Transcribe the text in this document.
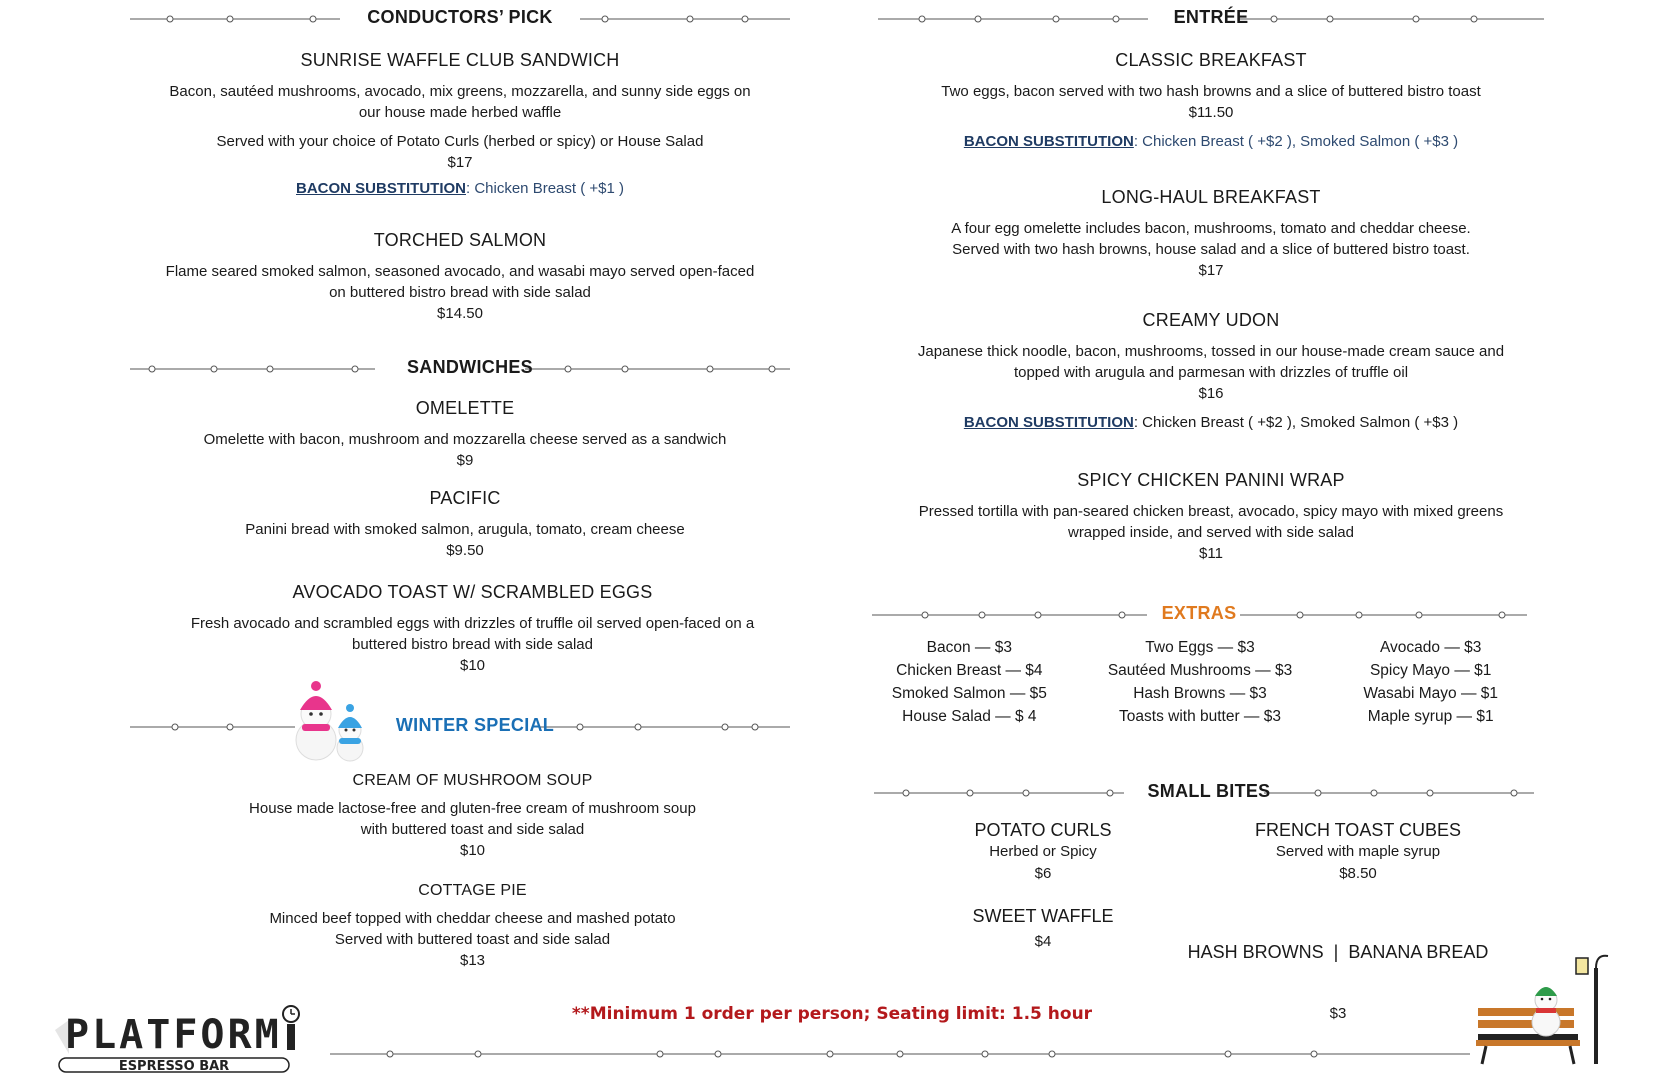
CONDUCTORS’ PICK
SUNRISE WAFFLE CLUB SANDWICH
Bacon, sautéed mushrooms, avocado, mix greens, mozzarella, and sunny side eggs on
our house made herbed waffle
Served with your choice of Potato Curls (herbed or spicy) or House Salad
$17
BACON SUBSTITUTION: Chicken Breast ( +$1 )
TORCHED SALMON
Flame seared smoked salmon, seasoned avocado, and wasabi mayo served open-faced
on buttered bistro bread with side salad
$14.50
SANDWICHES
OMELETTE
Omelette with bacon, mushroom and mozzarella cheese served as a sandwich
$9
PACIFIC
Panini bread with smoked salmon, arugula, tomato, cream cheese
$9.50
AVOCADO TOAST W/ SCRAMBLED EGGS
Fresh avocado and scrambled eggs with drizzles of truffle oil served open-faced on a
buttered bistro bread with side salad
$10
WINTER SPECIAL
CREAM OF MUSHROOM SOUP
House made lactose-free and gluten-free cream of mushroom soup
with buttered toast and side salad
$10
COTTAGE PIE
Minced beef topped with cheddar cheese and mashed potato
Served with buttered toast and side salad
$13
ENTRÉE
CLASSIC BREAKFAST
Two eggs, bacon served with two hash browns and a slice of buttered bistro toast
$11.50
BACON SUBSTITUTION: Chicken Breast ( +$2 ), Smoked Salmon ( +$3 )
LONG-HAUL BREAKFAST
A four egg omelette includes bacon, mushrooms, tomato and cheddar cheese.
Served with two hash browns, house salad and a slice of buttered bistro toast.
$17
CREAMY UDON
Japanese thick noodle, bacon, mushrooms, tossed in our house-made cream sauce and
topped with arugula and parmesan with drizzles of truffle oil
$16
BACON SUBSTITUTION: Chicken Breast ( +$2 ), Smoked Salmon ( +$3 )
SPICY CHICKEN PANINI WRAP
Pressed tortilla with pan-seared chicken breast, avocado, spicy mayo with mixed greens
wrapped inside, and served with side salad
$11
EXTRAS
Bacon — $3
Chicken Breast — $4
Smoked Salmon — $5
House Salad — $ 4
Two Eggs — $3
Sautéed Mushrooms — $3
Hash Browns — $3
Toasts with butter — $3
Avocado — $3
Spicy Mayo — $1
Wasabi Mayo — $1
Maple syrup — $1
SMALL BITES
POTATO CURLS
Herbed or Spicy
$6
FRENCH TOAST CUBES
Served with maple syrup
$8.50
SWEET WAFFLE
$4

HASH BROWNS  |  BANANA BREAD

$3

**Minimum 1 order per person; Seating limit: 1.5 hour
PLATFORM
ESPRESSO BAR
